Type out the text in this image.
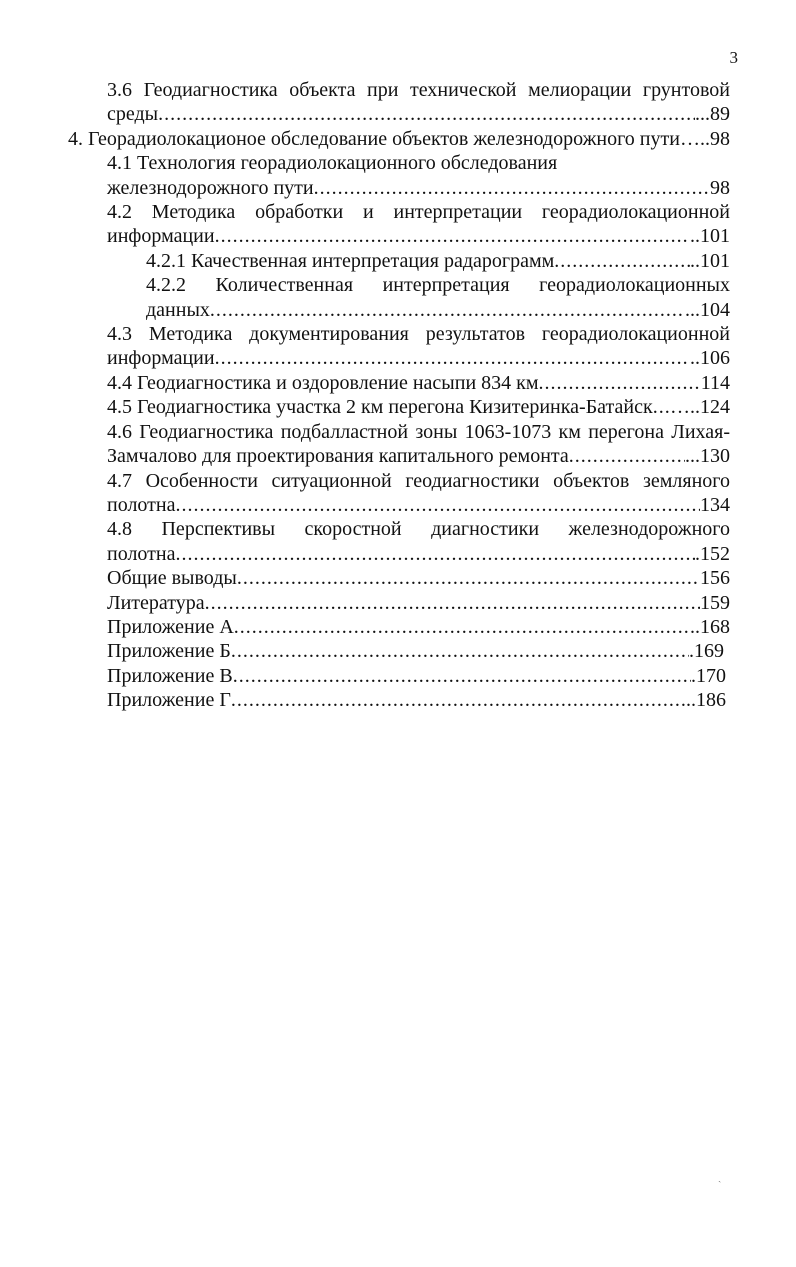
3
3.6 Геодиагностика объекта при технической мелиорации грунтовой
среды .....	...89
4. Георадиолокационое обследование объектов железнодорожного пути ..... …..98
4.1 Технология георадиолокационного обследования
железнодорожного пути .....	98
4.2 Методика обработки и интерпретации георадиолокационной
информации .....	..101
4.2.1 Качественная интерпретация радарограмм .....	..101
4.2.2 Количественная интерпретация георадиолокационных
данных .....	...104
4.3 Методика документирования результатов георадиолокационной
информации .....	..106
4.4 Геодиагностика и оздоровление насыпи 834 км .....	114
4.5 Геодиагностика участка 2 км перегона Кизитеринка-Батайск ..... …..124
4.6 Геодиагностика подбалластной зоны 1063-1073 км перегона Лихая-
Замчалово для проектирования капитального ремонта .....	...130
4.7 Особенности ситуационной геодиагностики объектов земляного
полотна .....	134
4.8 Перспективы скоростной диагностики железнодорожного
полотна .....	.152
Общие выводы .....	156
Литература .....	159
Приложение А .....	..168
Приложение Б .....	.169
Приложение В .....	.170
Приложение Г .....	..186
ˏ
